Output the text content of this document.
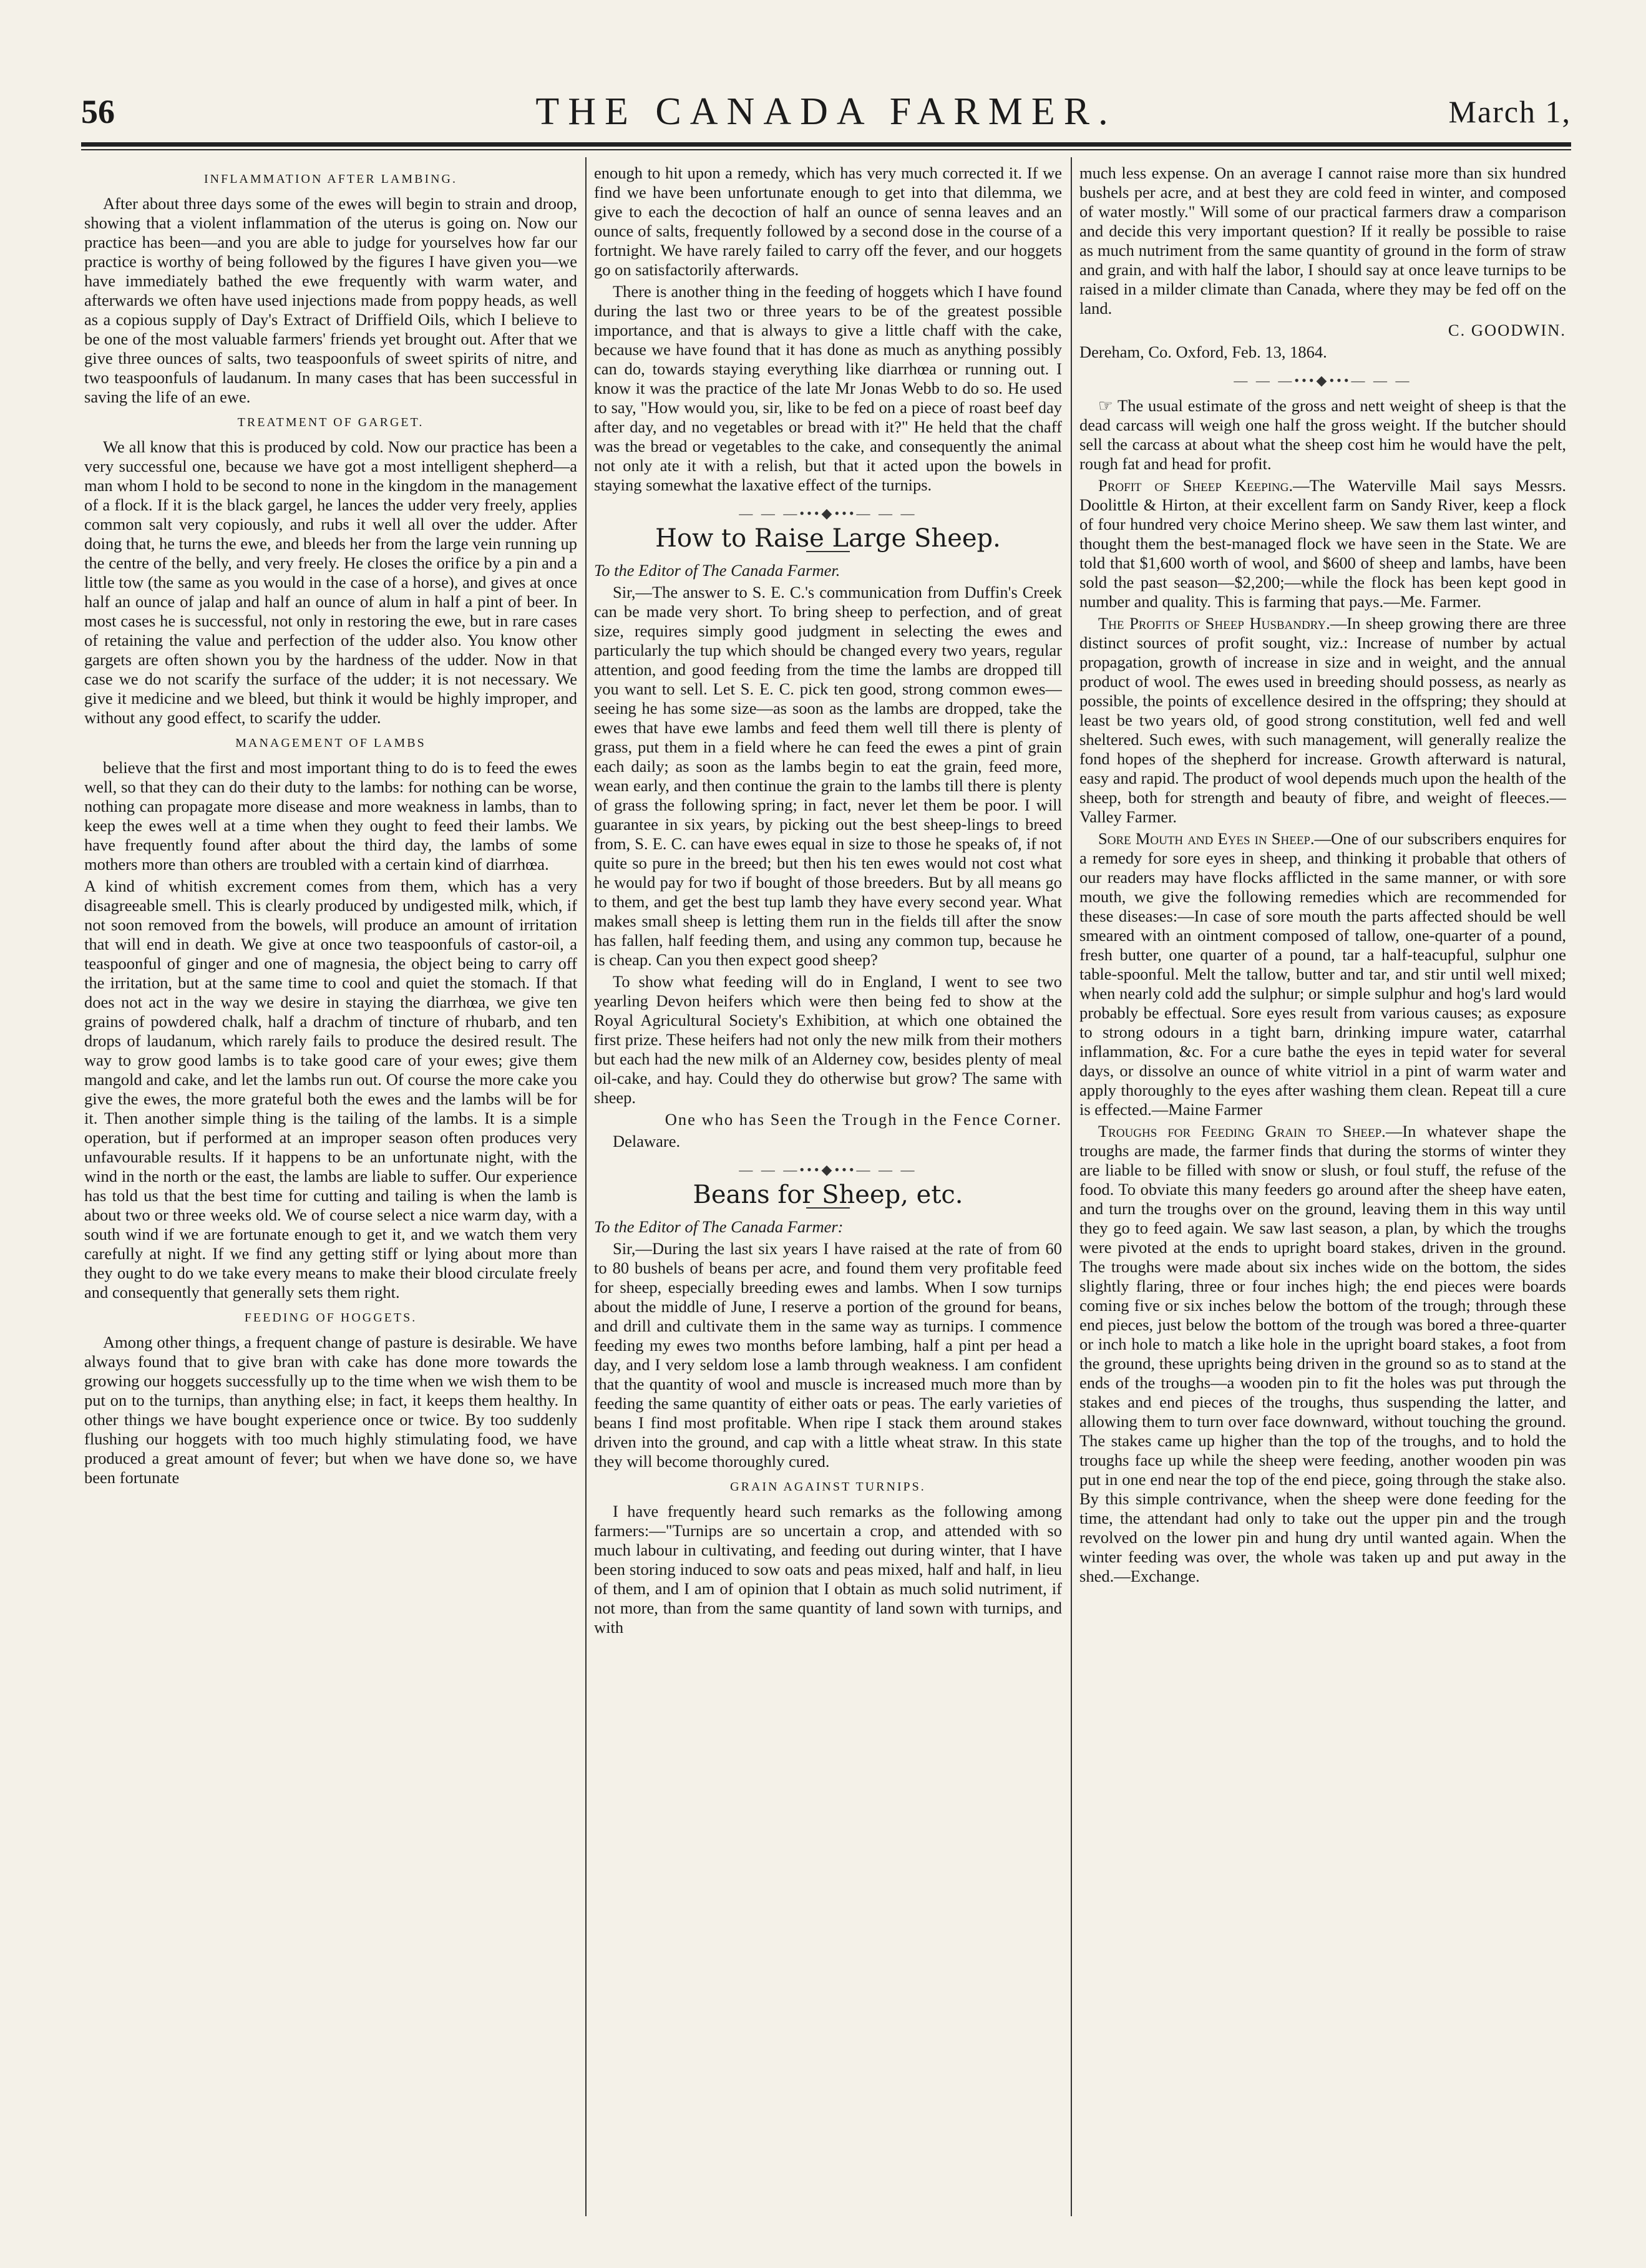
56	THE CANADA FARMER.	March 1,
INFLAMMATION AFTER LAMBING.

After about three days some of the ewes will begin to strain and droop, showing that a violent inflammation of the uterus is going on. Now our practice has been—and you are able to judge for yourselves how far our practice is worthy of being followed by the figures I have given you—we have immediately bathed the ewe frequently with warm water, and afterwards we often have used injections made from poppy heads, as well as a copious supply of Day's Extract of Driffield Oils, which I believe to be one of the most valuable farmers' friends yet brought out. After that we give three ounces of salts, two teaspoonfuls of sweet spirits of nitre, and two teaspoonfuls of laudanum. In many cases that has been successful in saving the life of an ewe.

TREATMENT OF GARGET.

We all know that this is produced by cold. Now our practice has been a very successful one, because we have got a most intelligent shepherd—a man whom I hold to be second to none in the kingdom in the management of a flock. If it is the black gargel, he lances the udder very freely, applies common salt very copiously, and rubs it well all over the udder. After doing that, he turns the ewe, and bleeds her from the large vein running up the centre of the belly, and very freely. He closes the orifice by a pin and a little tow (the same as you would in the case of a horse), and gives at once half an ounce of jalap and half an ounce of alum in half a pint of beer. In most cases he is successful, not only in restoring the ewe, but in rare cases of retaining the value and perfection of the udder also. You know other gargets are often shown you by the hardness of the udder. Now in that case we do not scarify the surface of the udder; it is not necessary. We give it medicine and we bleed, but think it would be highly improper, and without any good effect, to scarify the udder.

MANAGEMENT OF LAMBS

believe that the first and most important thing to do is to feed the ewes well, so that they can do their duty to the lambs: for nothing can be worse, nothing can propagate more disease and more weakness in lambs, than to keep the ewes well at a time when they ought to feed their lambs. We have frequently found after about the third day, the lambs of some mothers more than others are troubled with a certain kind of diarrhœa.

A kind of whitish excrement comes from them, which has a very disagreeable smell. This is clearly produced by undigested milk, which, if not soon removed from the bowels, will produce an amount of irritation that will end in death. We give at once two teaspoonfuls of castor-oil, a teaspoonful of ginger and one of magnesia, the object being to carry off the irritation, but at the same time to cool and quiet the stomach. If that does not act in the way we desire in staying the diarrhœa, we give ten grains of powdered chalk, half a drachm of tincture of rhubarb, and ten drops of laudanum, which rarely fails to produce the desired result. The way to grow good lambs is to take good care of your ewes; give them mangold and cake, and let the lambs run out. Of course the more cake you give the ewes, the more grateful both the ewes and the lambs will be for it. Then another simple thing is the tailing of the lambs. It is a simple operation, but if performed at an improper season often produces very unfavourable results. If it happens to be an unfortunate night, with the wind in the north or the east, the lambs are liable to suffer. Our experience has told us that the best time for cutting and tailing is when the lamb is about two or three weeks old. We of course select a nice warm day, with a south wind if we are fortunate enough to get it, and we watch them very carefully at night. If we find any getting stiff or lying about more than they ought to do we take every means to make their blood circulate freely and consequently that generally sets them right.

FEEDING OF HOGGETS.

Among other things, a frequent change of pasture is desirable. We have always found that to give bran with cake has done more towards the growing our hoggets successfully up to the time when we wish them to be put on to the turnips, than anything else; in fact, it keeps them healthy. In other things we have bought experience once or twice. By too suddenly flushing our hoggets with too much highly stimulating food, we have produced a great amount of fever; but when we have done so, we have been fortunate

enough to hit upon a remedy, which has very much corrected it. If we find we have been unfortunate enough to get into that dilemma, we give to each the decoction of half an ounce of senna leaves and an ounce of salts, frequently followed by a second dose in the course of a fortnight. We have rarely failed to carry off the fever, and our hoggets go on satisfactorily afterwards.

There is another thing in the feeding of hoggets which I have found during the last two or three years to be of the greatest possible importance, and that is always to give a little chaff with the cake, because we have found that it has done as much as anything possibly can do, towards staying everything like diarrhœa or running out. I know it was the practice of the late Mr Jonas Webb to do so. He used to say, "How would you, sir, like to be fed on a piece of roast beef day after day, and no vegetables or bread with it?" He held that the chaff was the bread or vegetables to the cake, and consequently the animal not only ate it with a relish, but that it acted upon the bowels in staying somewhat the laxative effect of the turnips.

— — —•••◆•••— — —
How to Raise Large Sheep.
To the Editor of The Canada Farmer.

Sir,—The answer to S. E. C.'s communication from Duffin's Creek can be made very short. To bring sheep to perfection, and of great size, requires simply good judgment in selecting the ewes and particularly the tup which should be changed every two years, regular attention, and good feeding from the time the lambs are dropped till you want to sell. Let S. E. C. pick ten good, strong common ewes—seeing he has some size—as soon as the lambs are dropped, take the ewes that have ewe lambs and feed them well till there is plenty of grass, put them in a field where he can feed the ewes a pint of grain each daily; as soon as the lambs begin to eat the grain, feed more, wean early, and then continue the grain to the lambs till there is plenty of grass the following spring; in fact, never let them be poor. I will guarantee in six years, by picking out the best sheep-lings to breed from, S. E. C. can have ewes equal in size to those he speaks of, if not quite so pure in the breed; but then his ten ewes would not cost what he would pay for two if bought of those breeders. But by all means go to them, and get the best tup lamb they have every second year. What makes small sheep is letting them run in the fields till after the snow has fallen, half feeding them, and using any common tup, because he is cheap. Can you then expect good sheep?

To show what feeding will do in England, I went to see two yearling Devon heifers which were then being fed to show at the Royal Agricultural Society's Exhibition, at which one obtained the first prize. These heifers had not only the new milk from their mothers but each had the new milk of an Alderney cow, besides plenty of meal oil-cake, and hay. Could they do otherwise but grow? The same with sheep.

One who has Seen the Trough in the Fence Corner.
Delaware.
— — —•••◆•••— — —
Beans for Sheep, etc.
To the Editor of The Canada Farmer:

Sir,—During the last six years I have raised at the rate of from 60 to 80 bushels of beans per acre, and found them very profitable feed for sheep, especially breeding ewes and lambs. When I sow turnips about the middle of June, I reserve a portion of the ground for beans, and drill and cultivate them in the same way as turnips. I commence feeding my ewes two months before lambing, half a pint per head a day, and I very seldom lose a lamb through weakness. I am confident that the quantity of wool and muscle is increased much more than by feeding the same quantity of either oats or peas. The early varieties of beans I find most profitable. When ripe I stack them around stakes driven into the ground, and cap with a little wheat straw. In this state they will become thoroughly cured.

GRAIN AGAINST TURNIPS.

I have frequently heard such remarks as the following among farmers:—"Turnips are so uncertain a crop, and attended with so much labour in cultivating, and feeding out during winter, that I have been storing induced to sow oats and peas mixed, half and half, in lieu of them, and I am of opinion that I obtain as much solid nutriment, if not more, than from the same quantity of land sown with turnips, and with

much less expense. On an average I cannot raise more than six hundred bushels per acre, and at best they are cold feed in winter, and composed of water mostly." Will some of our practical farmers draw a comparison and decide this very important question? If it really be possible to raise as much nutriment from the same quantity of ground in the form of straw and grain, and with half the labor, I should say at once leave turnips to be raised in a milder climate than Canada, where they may be fed off on the land.

C. GOODWIN.
Dereham, Co. Oxford, Feb. 13, 1864.
— — —•••◆•••— — —

☞ The usual estimate of the gross and nett weight of sheep is that the dead carcass will weigh one half the gross weight. If the butcher should sell the carcass at about what the sheep cost him he would have the pelt, rough fat and head for profit.

Profit of Sheep Keeping.—The Waterville Mail says Messrs. Doolittle & Hirton, at their excellent farm on Sandy River, keep a flock of four hundred very choice Merino sheep. We saw them last winter, and thought them the best-managed flock we have seen in the State. We are told that $1,600 worth of wool, and $600 of sheep and lambs, have been sold the past season—$2,200;—while the flock has been kept good in number and quality. This is farming that pays.—Me. Farmer.

The Profits of Sheep Husbandry.—In sheep growing there are three distinct sources of profit sought, viz.: Increase of number by actual propagation, growth of increase in size and in weight, and the annual product of wool. The ewes used in breeding should possess, as nearly as possible, the points of excellence desired in the offspring; they should at least be two years old, of good strong constitution, well fed and well sheltered. Such ewes, with such management, will generally realize the fond hopes of the shepherd for increase. Growth afterward is natural, easy and rapid. The product of wool depends much upon the health of the sheep, both for strength and beauty of fibre, and weight of fleeces.—Valley Farmer.

Sore Mouth and Eyes in Sheep.—One of our subscribers enquires for a remedy for sore eyes in sheep, and thinking it probable that others of our readers may have flocks afflicted in the same manner, or with sore mouth, we give the following remedies which are recommended for these diseases:—In case of sore mouth the parts affected should be well smeared with an ointment composed of tallow, one-quarter of a pound, fresh butter, one quarter of a pound, tar a half-teacupful, sulphur one table-spoonful. Melt the tallow, butter and tar, and stir until well mixed; when nearly cold add the sulphur; or simple sulphur and hog's lard would probably be effectual. Sore eyes result from various causes; as exposure to strong odours in a tight barn, drinking impure water, catarrhal inflammation, &c. For a cure bathe the eyes in tepid water for several days, or dissolve an ounce of white vitriol in a pint of warm water and apply thoroughly to the eyes after washing them clean. Repeat till a cure is effected.—Maine Farmer

Troughs for Feeding Grain to Sheep.—In whatever shape the troughs are made, the farmer finds that during the storms of winter they are liable to be filled with snow or slush, or foul stuff, the refuse of the food. To obviate this many feeders go around after the sheep have eaten, and turn the troughs over on the ground, leaving them in this way until they go to feed again. We saw last season, a plan, by which the troughs were pivoted at the ends to upright board stakes, driven in the ground. The troughs were made about six inches wide on the bottom, the sides slightly flaring, three or four inches high; the end pieces were boards coming five or six inches below the bottom of the trough; through these end pieces, just below the bottom of the trough was bored a three-quarter or inch hole to match a like hole in the upright board stakes, a foot from the ground, these uprights being driven in the ground so as to stand at the ends of the troughs—a wooden pin to fit the holes was put through the stakes and end pieces of the troughs, thus suspending the latter, and allowing them to turn over face downward, without touching the ground. The stakes came up higher than the top of the troughs, and to hold the troughs face up while the sheep were feeding, another wooden pin was put in one end near the top of the end piece, going through the stake also. By this simple contrivance, when the sheep were done feeding for the time, the attendant had only to take out the upper pin and the trough revolved on the lower pin and hung dry until wanted again. When the winter feeding was over, the whole was taken up and put away in the shed.—Exchange.
